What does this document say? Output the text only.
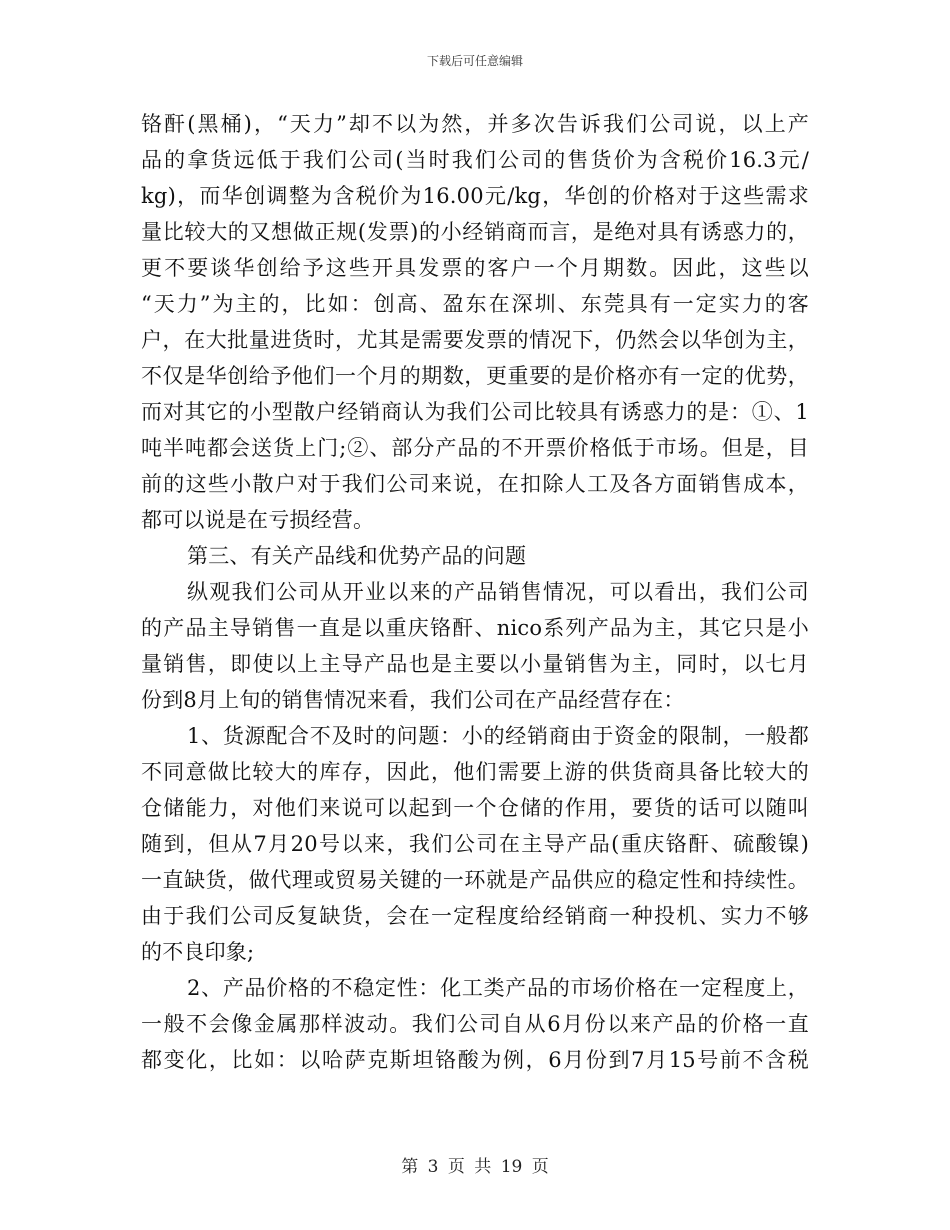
下载后可任意编辑
铬酐(黑桶)，“天力”却不以为然，并多次告诉我们公司说，以上产
品的拿货远低于我们公司(当时我们公司的售货价为含税价16.3元/
kg)，而华创调整为含税价为16.00元/kg，华创的价格对于这些需求
量比较大的又想做正规(发票)的小经销商而言，是绝对具有诱惑力的，
更不要谈华创给予这些开具发票的客户一个月期数。因此，这些以
“天力”为主的，比如：创高、盈东在深圳、东莞具有一定实力的客
户，在大批量进货时，尤其是需要发票的情况下，仍然会以华创为主，
不仅是华创给予他们一个月的期数，更重要的是价格亦有一定的优势，
而对其它的小型散户经销商认为我们公司比较具有诱惑力的是：①、1
吨半吨都会送货上门;②、部分产品的不开票价格低于市场。但是，目
前的这些小散户对于我们公司来说，在扣除人工及各方面销售成本，
都可以说是在亏损经营。
第三、有关产品线和优势产品的问题
纵观我们公司从开业以来的产品销售情况，可以看出，我们公司
的产品主导销售一直是以重庆铬酐、nico系列产品为主，其它只是小
量销售，即使以上主导产品也是主要以小量销售为主，同时，以七月
份到8月上旬的销售情况来看，我们公司在产品经营存在：
1、货源配合不及时的问题：小的经销商由于资金的限制，一般都
不同意做比较大的库存，因此，他们需要上游的供货商具备比较大的
仓储能力，对他们来说可以起到一个仓储的作用，要货的话可以随叫
随到，但从7月20号以来，我们公司在主导产品(重庆铬酐、硫酸镍)
一直缺货，做代理或贸易关键的一环就是产品供应的稳定性和持续性。
由于我们公司反复缺货，会在一定程度给经销商一种投机、实力不够
的不良印象;
2、产品价格的不稳定性：化工类产品的市场价格在一定程度上，
一般不会像金属那样波动。我们公司自从6月份以来产品的价格一直
都变化，比如：以哈萨克斯坦铬酸为例，6月份到7月15号前不含税
第 3 页 共 19 页
